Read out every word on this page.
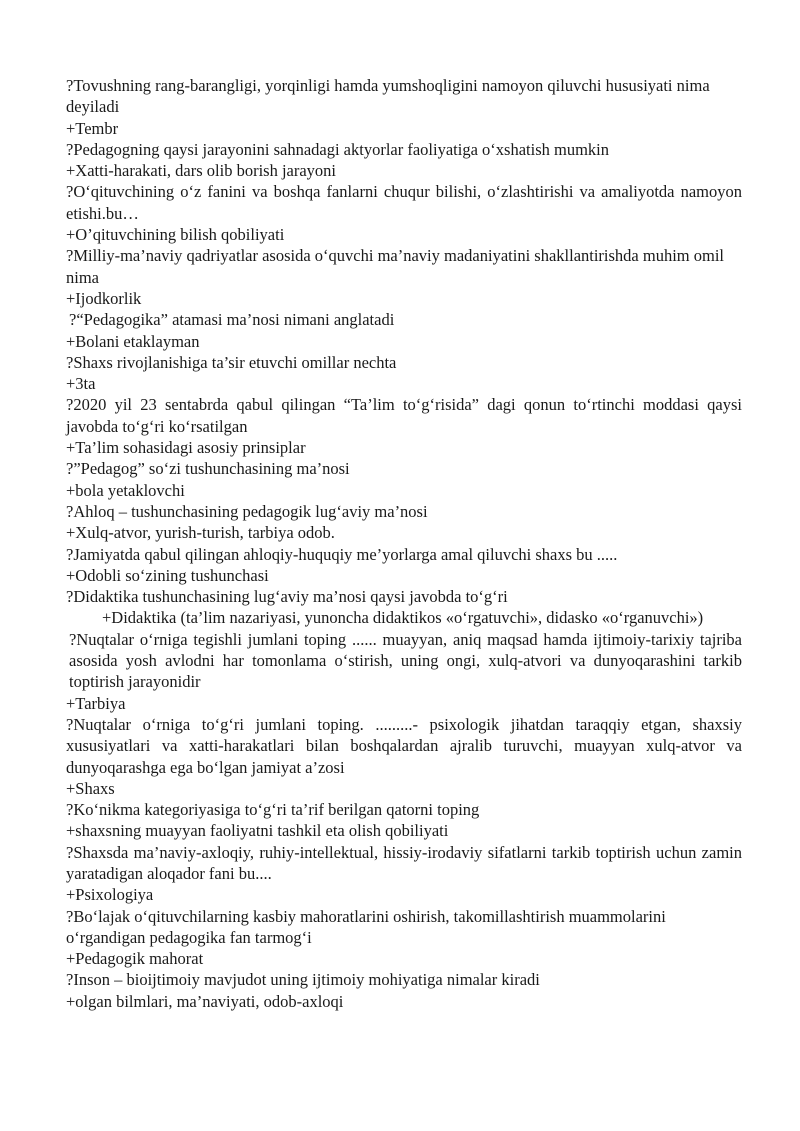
?Tovushning rang-barangligi, yorqinligi hamda yumshoqligini namoyon qiluvchi hususiyati nima deyiladi

+Tembr

?Pedagogning qaysi jarayonini sahnadagi aktyorlar faoliyatiga o‘xshatish mumkin

+Xatti-harakati, dars olib borish jarayoni

?O‘qituvchining o‘z fanini va boshqa fanlarni chuqur bilishi, o‘zlashtirishi va amaliyotda namoyon etishi.bu…

+O’qituvchining bilish qobiliyati

?Milliy-ma’naviy qadriyatlar asosida o‘quvchi ma’naviy madaniyatini shakllantirishda muhim omil nima

+Ijodkorlik

?“Pedagogika” atamasi ma’nosi nimani anglatadi

+Bolani etaklayman

?Shaxs rivojlanishiga ta’sir etuvchi omillar nechta

+3ta

?2020 yil 23 sentabrda qabul qilingan “Ta’lim to‘g‘risida” dagi qonun to‘rtinchi moddasi qaysi javobda to‘g‘ri ko‘rsatilgan

+Ta’lim sohasidagi asosiy prinsiplar

?”Pedagog” so‘zi tushunchasining ma’nosi

+bola yetaklovchi

?Ahloq – tushunchasining pedagogik lug‘aviy ma’nosi

+Xulq-atvor, yurish-turish, tarbiya odob.

?Jamiyatda qabul qilingan ahloqiy-huquqiy me’yorlarga amal qiluvchi shaxs bu .....

+Odobli so‘zining tushunchasi

?Didaktika tushunchasining lug‘aviy ma’nosi qaysi javobda to‘g‘ri

+Didaktika (ta’lim nazariyasi, yunoncha didaktikos «o‘rgatuvchi», didasko «o‘rganuvchi»)

?Nuqtalar o‘rniga tegishli jumlani toping ...... muayyan, aniq maqsad hamda ijtimoiy-tarixiy tajriba asosida yosh avlodni har tomonlama o‘stirish, uning ongi, xulq-atvori va dunyoqarashini tarkib toptirish jarayonidir

+Tarbiya

?Nuqtalar o‘rniga to‘g‘ri jumlani toping. .........- psixologik jihatdan taraqqiy etgan, shaxsiy xususiyatlari va xatti-harakatlari bilan boshqalardan ajralib turuvchi, muayyan xulq-atvor va dunyoqarashga ega bo‘lgan jamiyat a’zosi

+Shaxs

?Ko‘nikma kategoriyasiga to‘g‘ri ta’rif berilgan qatorni toping

+shaxsning muayyan faoliyatni tashkil eta olish qobiliyati

?Shaxsda ma’naviy-axloqiy, ruhiy-intellektual, hissiy-irodaviy sifatlarni tarkib toptirish uchun zamin yaratadigan aloqador fani bu....

+Psixologiya

?Bo‘lajak o‘qituvchilarning kasbiy mahoratlarini oshirish, takomillashtirish muammolarini o‘rgandigan pedagogika fan tarmog‘i

+Pedagogik mahorat

?Inson – bioijtimoiy mavjudot uning ijtimoiy mohiyatiga nimalar kiradi

+olgan bilmlari, ma’naviyati, odob-axloqi
